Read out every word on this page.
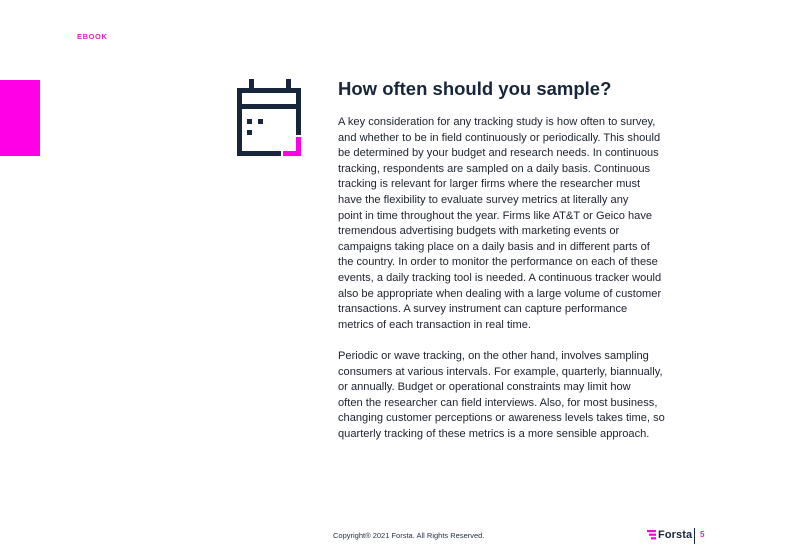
EBOOK
How often should you sample?

A key consideration for any tracking study is how often to survey,
and whether to be in field continuously or periodically. This should
be determined by your budget and research needs. In continuous
tracking, respondents are sampled on a daily basis. Continuous
tracking is relevant for larger firms where the researcher must
have the flexibility to evaluate survey metrics at literally any
point in time throughout the year. Firms like AT&T or Geico have
tremendous advertising budgets with marketing events or
campaigns taking place on a daily basis and in different parts of
the country. In order to monitor the performance on each of these
events, a daily tracking tool is needed. A continuous tracker would
also be appropriate when dealing with a large volume of customer
transactions. A survey instrument can capture performance
metrics of each transaction in real time.

Periodic or wave tracking, on the other hand, involves sampling
consumers at various intervals. For example, quarterly, biannually,
or annually. Budget or operational constraints may limit how
often the researcher can field interviews. Also, for most business,
changing customer perceptions or awareness levels takes time, so
quarterly tracking of these metrics is a more sensible approach.

Copyright® 2021 Forsta. All Rights Reserved.	Forsta 5
